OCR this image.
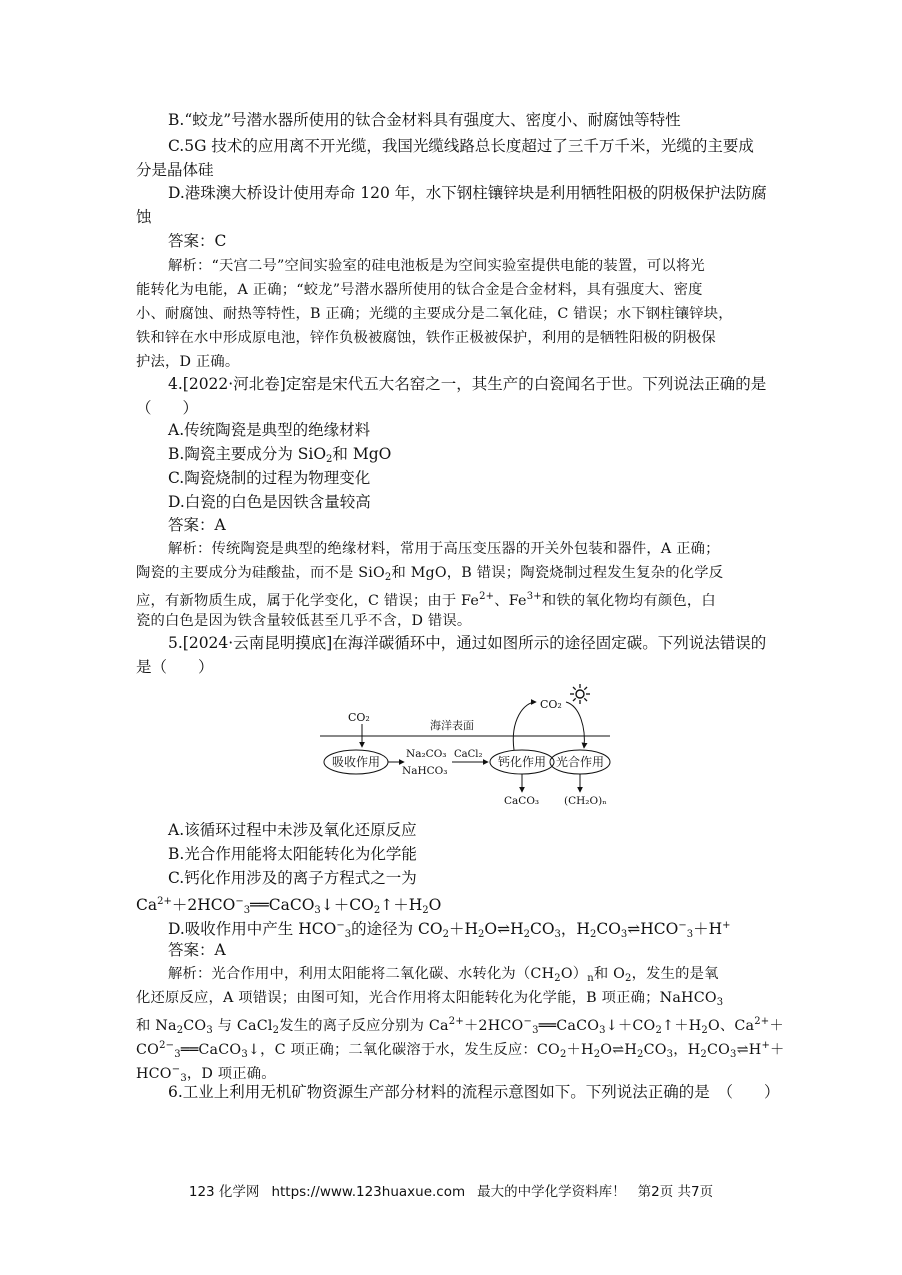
B.“蛟龙”号潜水器所使用的钛合金材料具有强度大、密度小、耐腐蚀等特性
C.5G 技术的应用离不开光缆，我国光缆线路总长度超过了三千万千米，光缆的主要成
分是晶体硅
D.港珠澳大桥设计使用寿命 120 年，水下钢柱镶锌块是利用牺牲阳极的阴极保护法防腐
蚀
答案：C
解析：“天宫二号”空间实验室的硅电池板是为空间实验室提供电能的装置，可以将光
能转化为电能，A 正确；“蛟龙”号潜水器所使用的钛合金是合金材料，具有强度大、密度
小、耐腐蚀、耐热等特性，B 正确；光缆的主要成分是二氧化硅，C 错误；水下钢柱镶锌块，
铁和锌在水中形成原电池，锌作负极被腐蚀，铁作正极被保护，利用的是牺牲阳极的阴极保
护法，D 正确。
4.[2022·河北卷]定窑是宋代五大名窑之一，其生产的白瓷闻名于世。下列说法正确的是
（　　）
A.传统陶瓷是典型的绝缘材料
B.陶瓷主要成分为 SiO$_2$和 MgO
C.陶瓷烧制的过程为物理变化
D.白瓷的白色是因铁含量较高
答案：A
解析：传统陶瓷是典型的绝缘材料，常用于高压变压器的开关外包装和器件，A 正确；
陶瓷的主要成分为硅酸盐，而不是 SiO$_2$和 MgO，B 错误；陶瓷烧制过程发生复杂的化学反
应，有新物质生成，属于化学变化，C 错误；由于 $Fe^{2+}$、$Fe^{3+}$和铁的氧化物均有颜色，白
瓷的白色是因为铁含量较低甚至几乎不含，D 错误。
5.[2024·云南昆明摸底]在海洋碳循环中，通过如图所示的途径固定碳。下列说法错误的
是（　　）
海洋表面
CO₂
吸收作用
Na₂CO₃
NaHCO₃
CaCl₂
钙化作用 光合作用
CO₂
CaCO₃ (CH₂O)ₙ
A.该循环过程中未涉及氧化还原反应
B.光合作用能将太阳能转化为化学能
C.钙化作用涉及的离子方程式之一为
$Ca^{2+}+2HCO^-_3══CaCO_3↓+CO_2↑+H_2O$
D.吸收作用中产生 $HCO^-_3$的途径为 $CO_2+H_2O\rightleftharpoons H_2CO_3$，$H_2CO_3\rightleftharpoons HCO^-_3+H^+$
答案：A
解析：光合作用中，利用太阳能将二氧化碳、水转化为$(CH_2O)_n$和 $O_2$，发生的是氧
化还原反应，A 项错误；由图可知，光合作用将太阳能转化为化学能，B 项正确；NaHCO$_3$
和 $Na_2CO_3$ 与 CaCl$_2$发生的离子反应分别为 $Ca^{2+}+2HCO^-_3══CaCO_3↓+CO_2↑+H_2O$、$Ca^{2+}+$
$CO^{2-}_3══CaCO_3↓$，C 项正确；二氧化碳溶于水，发生反应：$CO_2+H_2O\rightleftharpoons H_2CO_3$，$H_2CO_3\rightleftharpoons H^++$
$HCO^-_3$，D 项正确。
6.工业上利用无机矿物资源生产部分材料的流程示意图如下。下列说法正确的是　（　　）
123 化学网 https://www.123huaxue.com 最大的中学化学资料库！ 第2页 共7页
